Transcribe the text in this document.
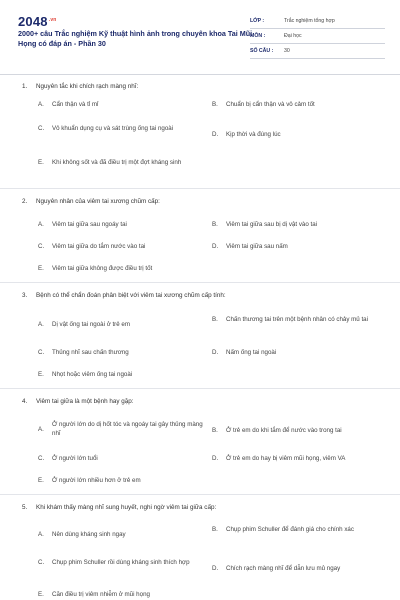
$2048^{.vn}$
2000+ câu Trắc nghiệm Kỹ thuật hình ảnh trong chuyên khoa Tai Mũi Họng có đáp án - Phần 30
LỚP :	Trắc nghiệm tổng hợp
MÔN :	Đại học
SỐ CÂU :	30
1.	Nguyên tắc khi chích rạch màng nhĩ:
A.	Cẩn thận và tỉ mỉ	B.	Chuẩn bị cẩn thận và vô cảm tốt
C.	Vô khuẩn dụng cụ và sát trùng ống tai ngoài
D.	Kịp thời và đúng lúc
E.	Khi không sốt và đã điều trị một đợt kháng sinh
2.	Nguyên nhân của viêm tai xương chũm cấp:
A.	Viêm tai giữa sau ngoáy tai	B.	Viêm tai giữa sau bị dị vật vào tai
C.	Viêm tai giữa do tắm nước vào tai	D.	Viêm tai giữa sau nấm
E.	Viêm tai giữa không được điều trị tốt
3.	Bệnh có thể chẩn đoán phân biệt với viêm tai xương chũm cấp tính:
A.	Dị vật ống tai ngoài ở trẻ em
B.	Chấn thương tai trên một bệnh nhân có chảy mủ tai
C.	Thủng nhĩ sau chấn thương	D.	Nấm ống tai ngoài
E.	Nhọt hoặc viêm ống tai ngoài
4.	Viêm tai giữa là một bệnh hay gặp:
A.
Ở người lớn do dị hốt tóc và ngoáy tai gây thủng màng nhĩ	B.	Ở trẻ em do khi tắm để nước vào trong tai
C.	Ở người lớn tuổi	D.	Ở trẻ em do hay bị viêm mũi họng, viêm VA
E.	Ở người lớn nhiều hơn ở trẻ em
5.	Khi khám thấy màng nhĩ sung huyết, nghi ngờ viêm tai giữa cấp:
A.	Nên dùng kháng sinh ngay
B.	Chụp phim Schuller để đánh giá cho chính xác
C.	Chụp phim Schuller rồi dùng kháng sinh thích hợp
D.	Chích rạch màng nhĩ để dẫn lưu mủ ngay
E.	Căn điều trị viêm nhiễm ở mũi họng
